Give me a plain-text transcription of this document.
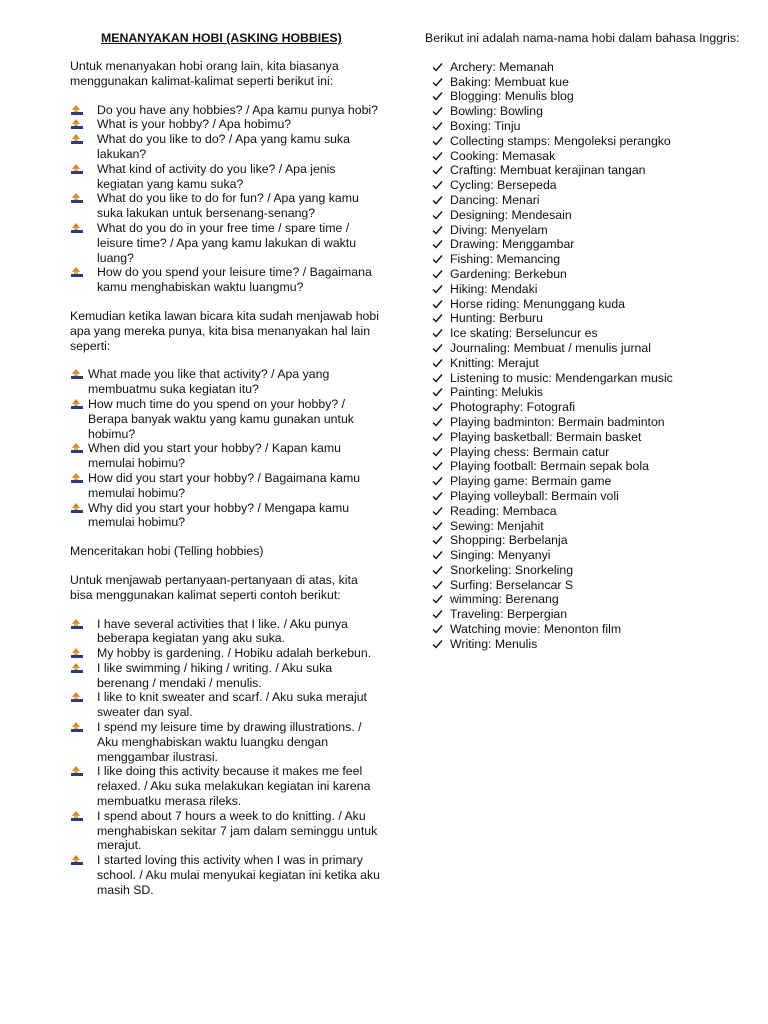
MENANYAKAN HOBI (ASKING HOBBIES)

Untuk menanyakan hobi orang lain, kita biasanya menggunakan kalimat-kalimat seperti berikut ini:

Do you have any hobbies? / Apa kamu punya hobi?
What is your hobby? / Apa hobimu?
What do you like to do? / Apa yang kamu suka lakukan?
What kind of activity do you like? / Apa jenis kegiatan yang kamu suka?
What do you like to do for fun? / Apa yang kamu suka lakukan untuk bersenang-senang?
What do you do in your free time / spare time / leisure time? / Apa yang kamu lakukan di waktu luang?
How do you spend your leisure time? / Bagaimana kamu menghabiskan waktu luangmu?

Kemudian ketika lawan bicara kita sudah menjawab hobi apa yang mereka punya, kita bisa menanyakan hal lain seperti:

What made you like that activity? / Apa yang membuatmu suka kegiatan itu?
How much time do you spend on your hobby? / Berapa banyak waktu yang kamu gunakan untuk hobimu?
When did you start your hobby? / Kapan kamu memulai hobimu?
How did you start your hobby? / Bagaimana kamu memulai hobimu?
Why did you start your hobby? / Mengapa kamu memulai hobimu?

Menceritakan hobi (Telling hobbies)

Untuk menjawab pertanyaan-pertanyaan di atas, kita bisa menggunakan kalimat seperti contoh berikut:

I have several activities that I like. / Aku punya beberapa kegiatan yang aku suka.
My hobby is gardening. / Hobiku adalah berkebun.
I like swimming / hiking / writing. / Aku suka berenang / mendaki / menulis.
I like to knit sweater and scarf. / Aku suka merajut sweater dan syal.
I spend my leisure time by drawing illustrations. / Aku menghabiskan waktu luangku dengan menggambar ilustrasi.
I like doing this activity because it makes me feel relaxed. / Aku suka melakukan kegiatan ini karena membuatku merasa rileks.
I spend about 7 hours a week to do knitting. / Aku menghabiskan sekitar 7 jam dalam seminggu untuk merajut.
I started loving this activity when I was in primary school. / Aku mulai menyukai kegiatan ini ketika aku masih SD.

Berikut ini adalah nama-nama hobi dalam bahasa Inggris:

Archery: Memanah
Baking: Membuat kue
Blogging: Menulis blog
Bowling: Bowling
Boxing: Tinju
Collecting stamps: Mengoleksi perangko
Cooking: Memasak
Crafting: Membuat kerajinan tangan
Cycling: Bersepeda
Dancing: Menari
Designing: Mendesain
Diving: Menyelam
Drawing: Menggambar
Fishing: Memancing
Gardening: Berkebun
Hiking: Mendaki
Horse riding: Menunggang kuda
Hunting: Berburu
Ice skating: Berseluncur es
Journaling: Membuat / menulis jurnal
Knitting: Merajut
Listening to music: Mendengarkan music
Painting: Melukis
Photography: Fotografi
Playing badminton: Bermain badminton
Playing basketball: Bermain basket
Playing chess: Bermain catur
Playing football: Bermain sepak bola
Playing game: Bermain game
Playing volleyball: Bermain voli
Reading: Membaca
Sewing: Menjahit
Shopping: Berbelanja
Singing: Menyanyi
Snorkeling: Snorkeling
Surfing: Berselancar S
wimming: Berenang
Traveling: Berpergian
Watching movie: Menonton film
Writing: Menulis
